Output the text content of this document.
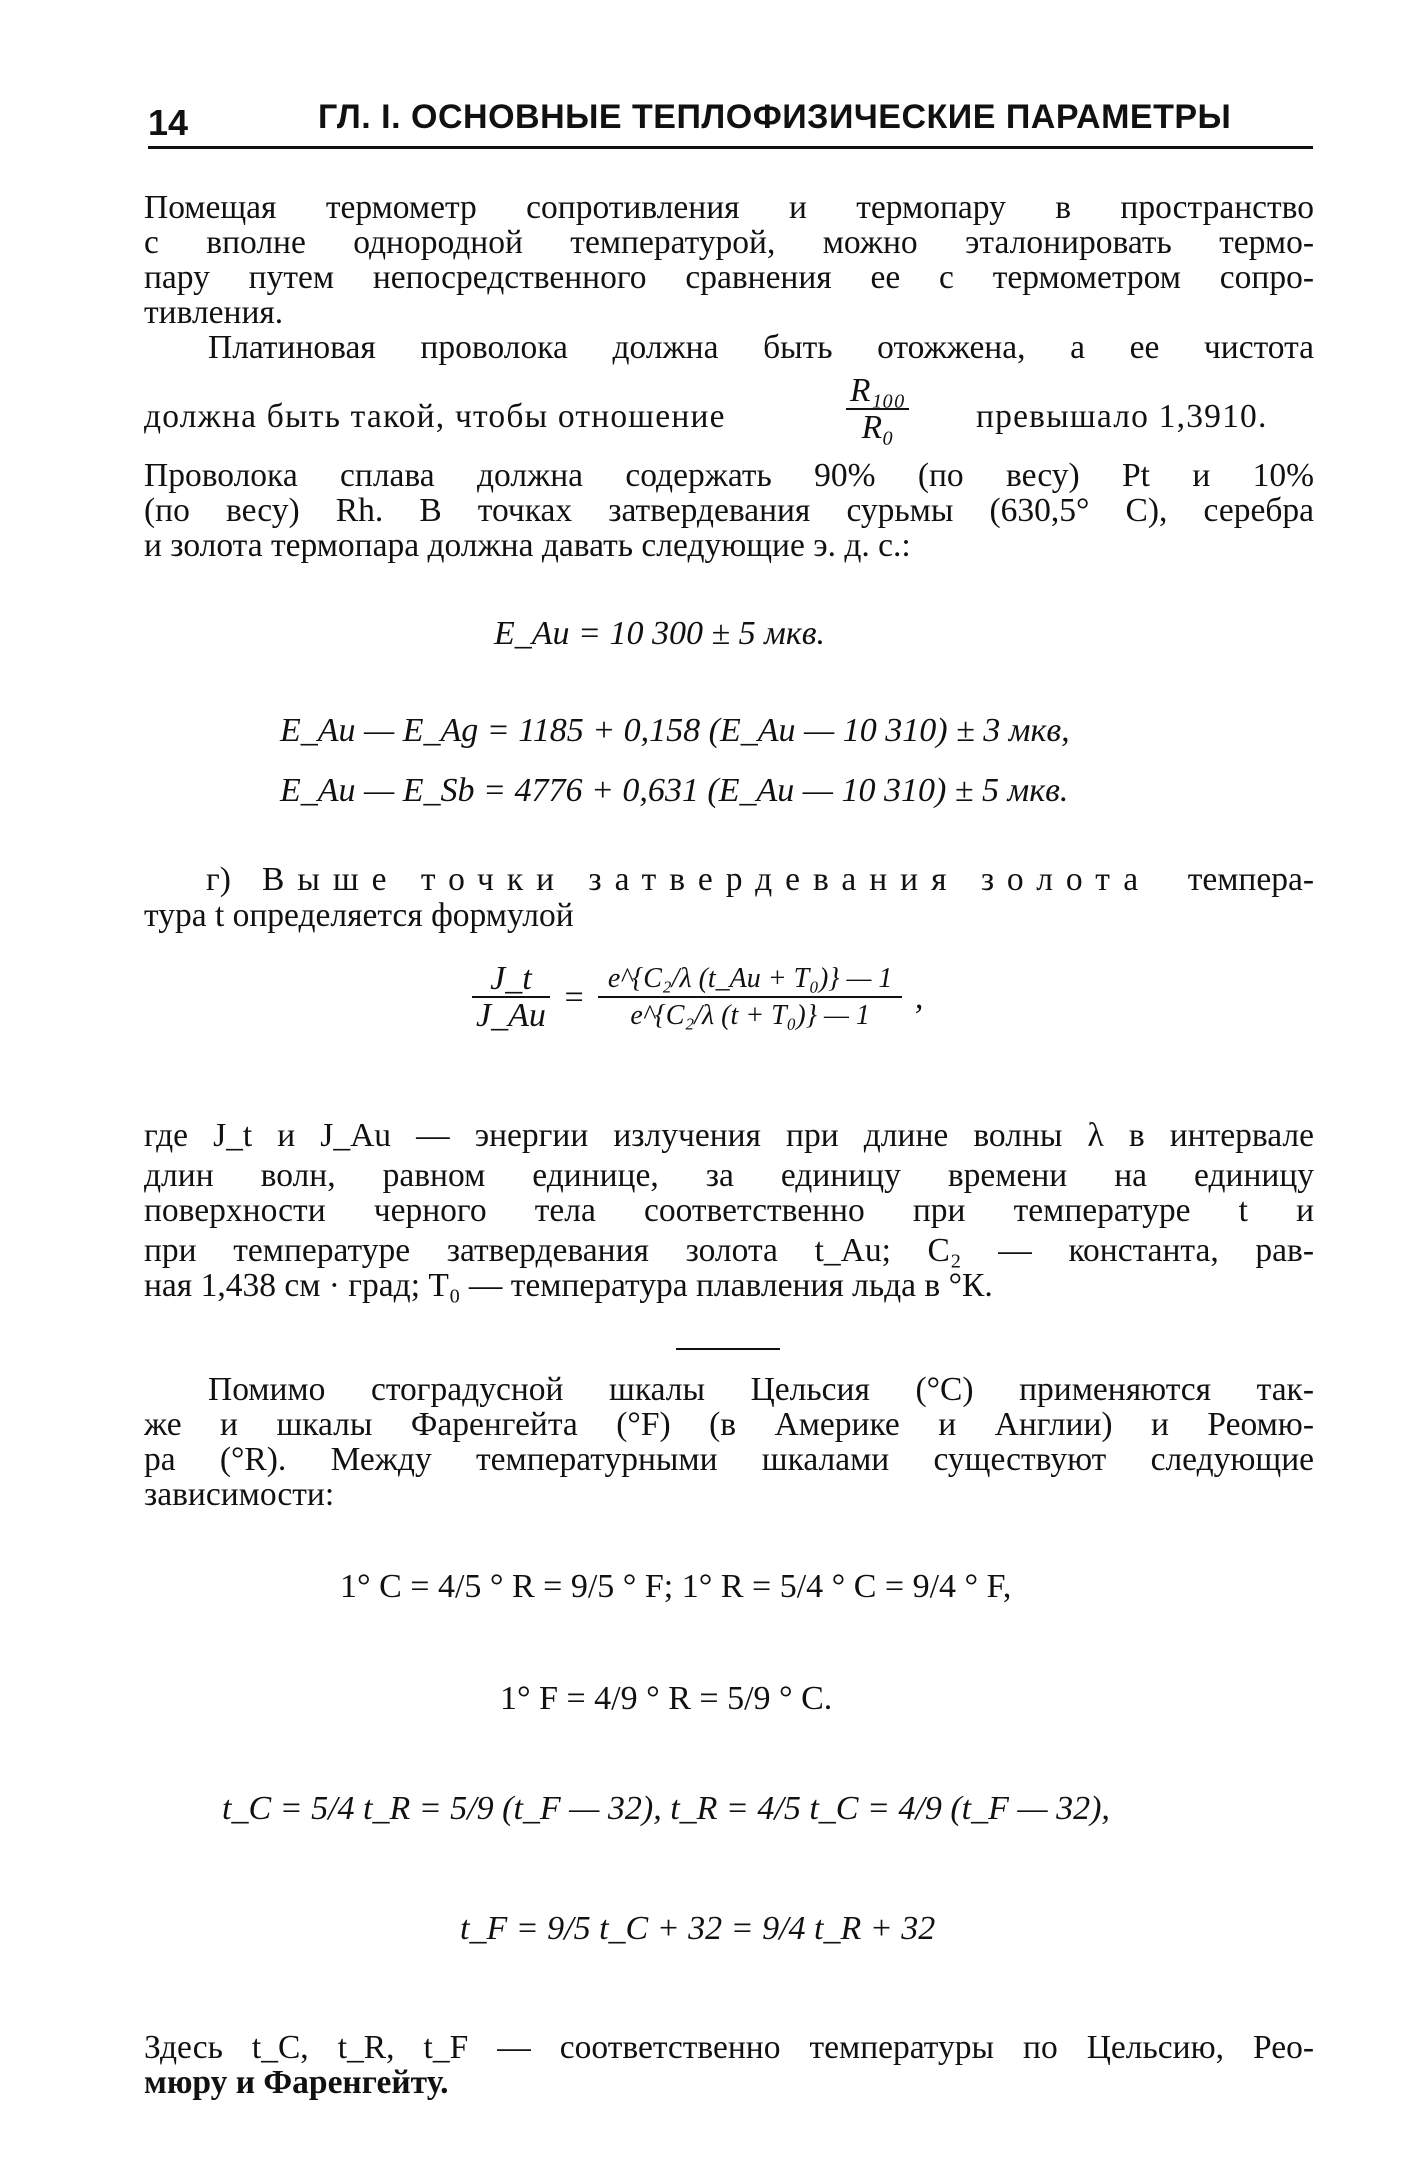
14	ГЛ. I. ОСНОВНЫЕ ТЕПЛОФИЗИЧЕСКИЕ ПАРАМЕТРЫ
Помещая термометр сопротивления и термопару в пространство
с вполне однородной температурой, можно эталонировать термо-
пару путем непосредственного сравнения ее с термометром сопро-
тивления.
Платиновая проволока должна быть отожжена, а ее чистота
должна быть такой, чтобы отношение	$\frac{\text{R₁₀₀}}{\text{R₀}}$ превышало 1,3910.
Проволока сплава должна содержать 90% (по весу) Pt и 10%
(по весу) Rh. В точках затвердевания сурьмы (630,5° С), серебра
и золота термопара должна давать следующие э. д. с.:
E_Au = 10 300 ± 5 мкв.
E_Au — E_Ag = 1185 + 0,158 (E_Au — 10 310) ± 3 мкв,
E_Au — E_Sb = 4776 + 0,631 (E_Au — 10 310) ± 5 мкв.
г) Выше точки затвердевания золота темпера-
тура t определяется формулой
$\frac{J\_t}{J\_Au} = \frac{\text{e\textasciicircum{}\{C₂/λ (t\_Au + T₀)\} — 1}}{\text{e\textasciicircum{}\{C₂/λ (t + T₀)\} — 1}}$ ,
где J_t и J_Au — энергии излучения при длине волны λ в интервале
длин волн, равном единице, за единицу времени на единицу
поверхности черного тела соответственно при температуре t и
при температуре затвердевания золота t_Au; C₂ — константа, рав-
ная 1,438 см · град; T₀ — температура плавления льда в °К.
Помимо стоградусной шкалы Цельсия (°С) применяются так-
же и шкалы Фаренгейта (°F) (в Америке и Англии) и Реомю-
ра (°R). Между температурными шкалами существуют следующие
зависимости:
1° C = 4/5 ° R = 9/5 ° F; 1° R = 5/4 ° C = 9/4 ° F,
1° F = 4/9 ° R = 5/9 ° C.
t_C = 5/4 t_R = 5/9 (t_F — 32), t_R = 4/5 t_C = 4/9 (t_F — 32),
t_F = 9/5 t_C + 32 = 9/4 t_R + 32
Здесь t_C, t_R, t_F — соответственно температуры по Цельсию, Рео-
мюру и Фаренгейту.
